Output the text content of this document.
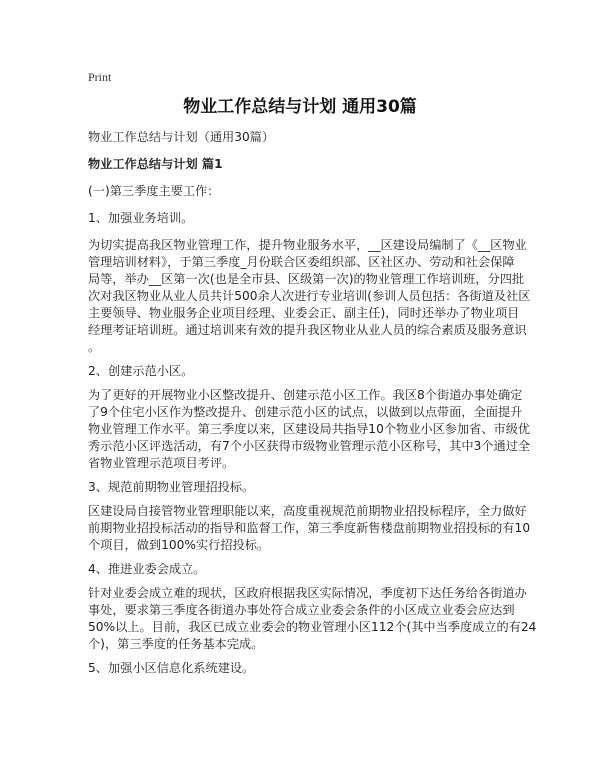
Print
物业工作总结与计划 通用30篇
物业工作总结与计划（通用30篇）
物业工作总结与计划 篇1
(一)第三季度主要工作：
1、加强业务培训。
为切实提高我区物业管理工作，提升物业服务水平，__区建设局编制了《__区物业
管理培训材料》，于第三季度_月份联合区委组织部、区社区办、劳动和社会保障
局等，举办__区第一次(也是全市县、区级第一次)的物业管理工作培训班，分四批
次对我区物业从业人员共计500余人次进行专业培训(参训人员包括：各街道及社区
主要领导、物业服务企业项目经理、业委会正、副主任)，同时还举办了物业项目
经理考证培训班。通过培训来有效的提升我区物业从业人员的综合素质及服务意识
。
2、创建示范小区。
为了更好的开展物业小区整改提升、创建示范小区工作。我区8个街道办事处确定
了9个住宅小区作为整改提升、创建示范小区的试点，以做到以点带面，全面提升
物业管理工作水平。第三季度以来，区建设局共指导10个物业小区参加省、市级优
秀示范小区评选活动，有7个小区获得市级物业管理示范小区称号，其中3个通过全
省物业管理示范项目考评。
3、规范前期物业管理招投标。
区建设局自接管物业管理职能以来，高度重视规范前期物业招投标程序，全力做好
前期物业招投标活动的指导和监督工作，第三季度新售楼盘前期物业招投标的有10
个项目，做到100%实行招投标。
4、推进业委会成立。
针对业委会成立难的现状，区政府根据我区实际情况，季度初下达任务给各街道办
事处，要求第三季度各街道办事处符合成立业委会条件的小区成立业委会应达到
50%以上。目前，我区已成立业委会的物业管理小区112个(其中当季度成立的有24
个)，第三季度的任务基本完成。
5、加强小区信息化系统建设。
